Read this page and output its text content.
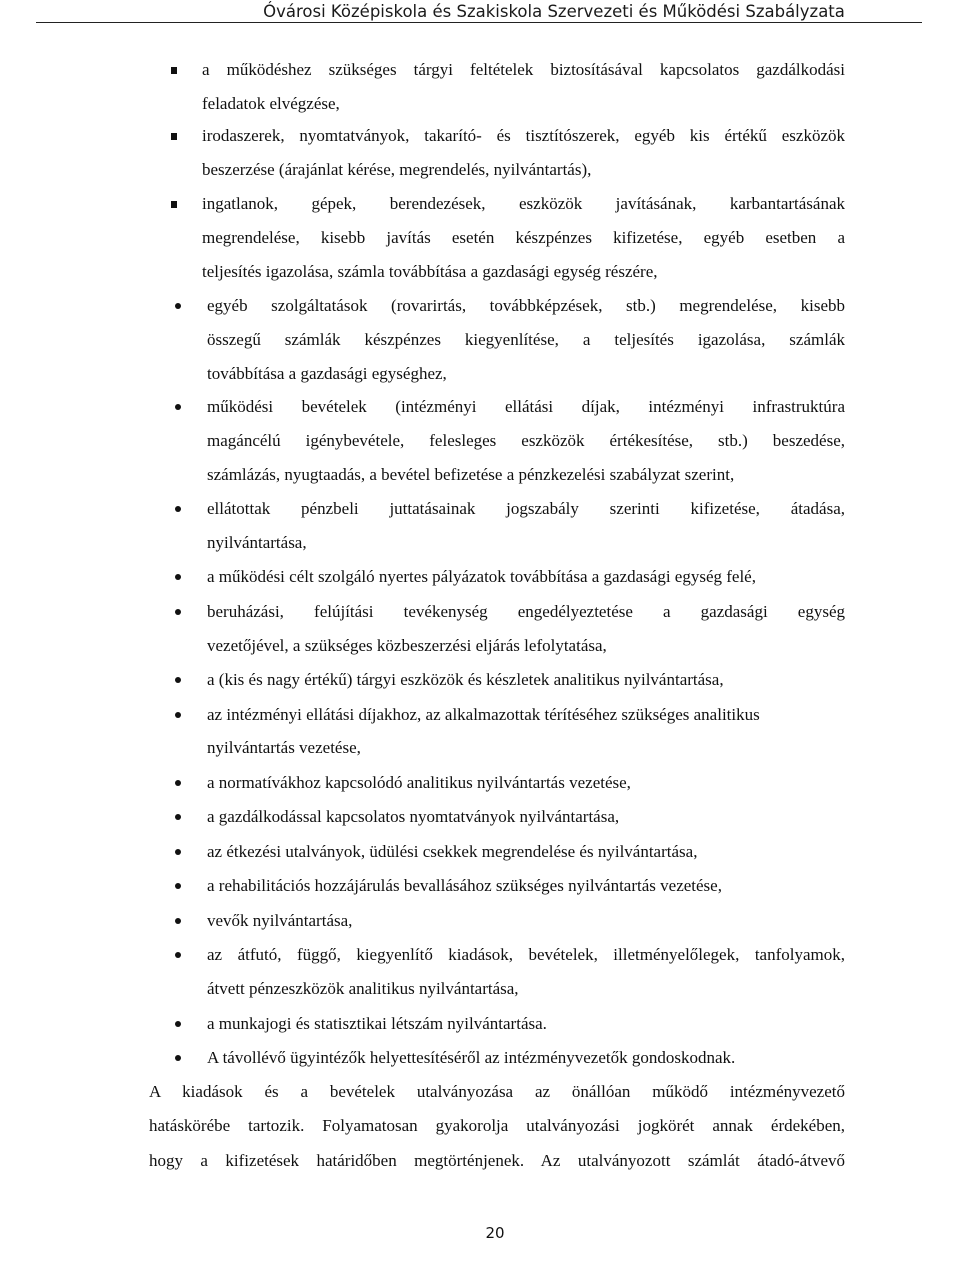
Óvárosi Középiskola és Szakiskola Szervezeti és Működési Szabályzata
a működéshez szükséges tárgyi feltételek biztosításával kapcsolatos gazdálkodási
feladatok elvégzése,
irodaszerek, nyomtatványok, takarító- és tisztítószerek, egyéb kis értékű eszközök
beszerzése (árajánlat kérése, megrendelés, nyilvántartás),
ingatlanok, gépek, berendezések, eszközök javításának, karbantartásának
megrendelése, kisebb javítás esetén készpénzes kifizetése, egyéb esetben a
teljesítés igazolása, számla továbbítása a gazdasági egység részére,
egyéb szolgáltatások (rovarirtás, továbbképzések, stb.) megrendelése, kisebb
összegű számlák készpénzes kiegyenlítése, a teljesítés igazolása, számlák
továbbítása a gazdasági egységhez,
működési bevételek (intézményi ellátási díjak, intézményi infrastruktúra
magáncélú igénybevétele, felesleges eszközök értékesítése, stb.) beszedése,
számlázás, nyugtaadás, a bevétel befizetése a pénzkezelési szabályzat szerint,
ellátottak pénzbeli juttatásainak jogszabály szerinti kifizetése, átadása,
nyilvántartása,
a működési célt szolgáló nyertes pályázatok továbbítása a gazdasági egység felé,
beruházási, felújítási tevékenység engedélyeztetése a gazdasági egység
vezetőjével, a szükséges közbeszerzési eljárás lefolytatása,
a (kis és nagy értékű) tárgyi eszközök és készletek analitikus nyilvántartása,
az intézményi ellátási díjakhoz, az alkalmazottak térítéséhez szükséges analitikus
nyilvántartás vezetése,
a normatívákhoz kapcsolódó analitikus nyilvántartás vezetése,
a gazdálkodással kapcsolatos nyomtatványok nyilvántartása,
az étkezési utalványok, üdülési csekkek megrendelése és nyilvántartása,
a rehabilitációs hozzájárulás bevallásához szükséges nyilvántartás vezetése,
vevők nyilvántartása,
az átfutó, függő, kiegyenlítő kiadások, bevételek, illetményelőlegek, tanfolyamok,
átvett pénzeszközök analitikus nyilvántartása,
a munkajogi és statisztikai létszám nyilvántartása.
A távollévő ügyintézők helyettesítéséről az intézményvezetők gondoskodnak.
A kiadások és a bevételek utalványozása az önállóan működő intézményvezető
hatáskörébe tartozik. Folyamatosan gyakorolja utalványozási jogkörét annak érdekében,
hogy a kifizetések határidőben megtörténjenek. Az utalványozott számlát átadó-átvevő
20
